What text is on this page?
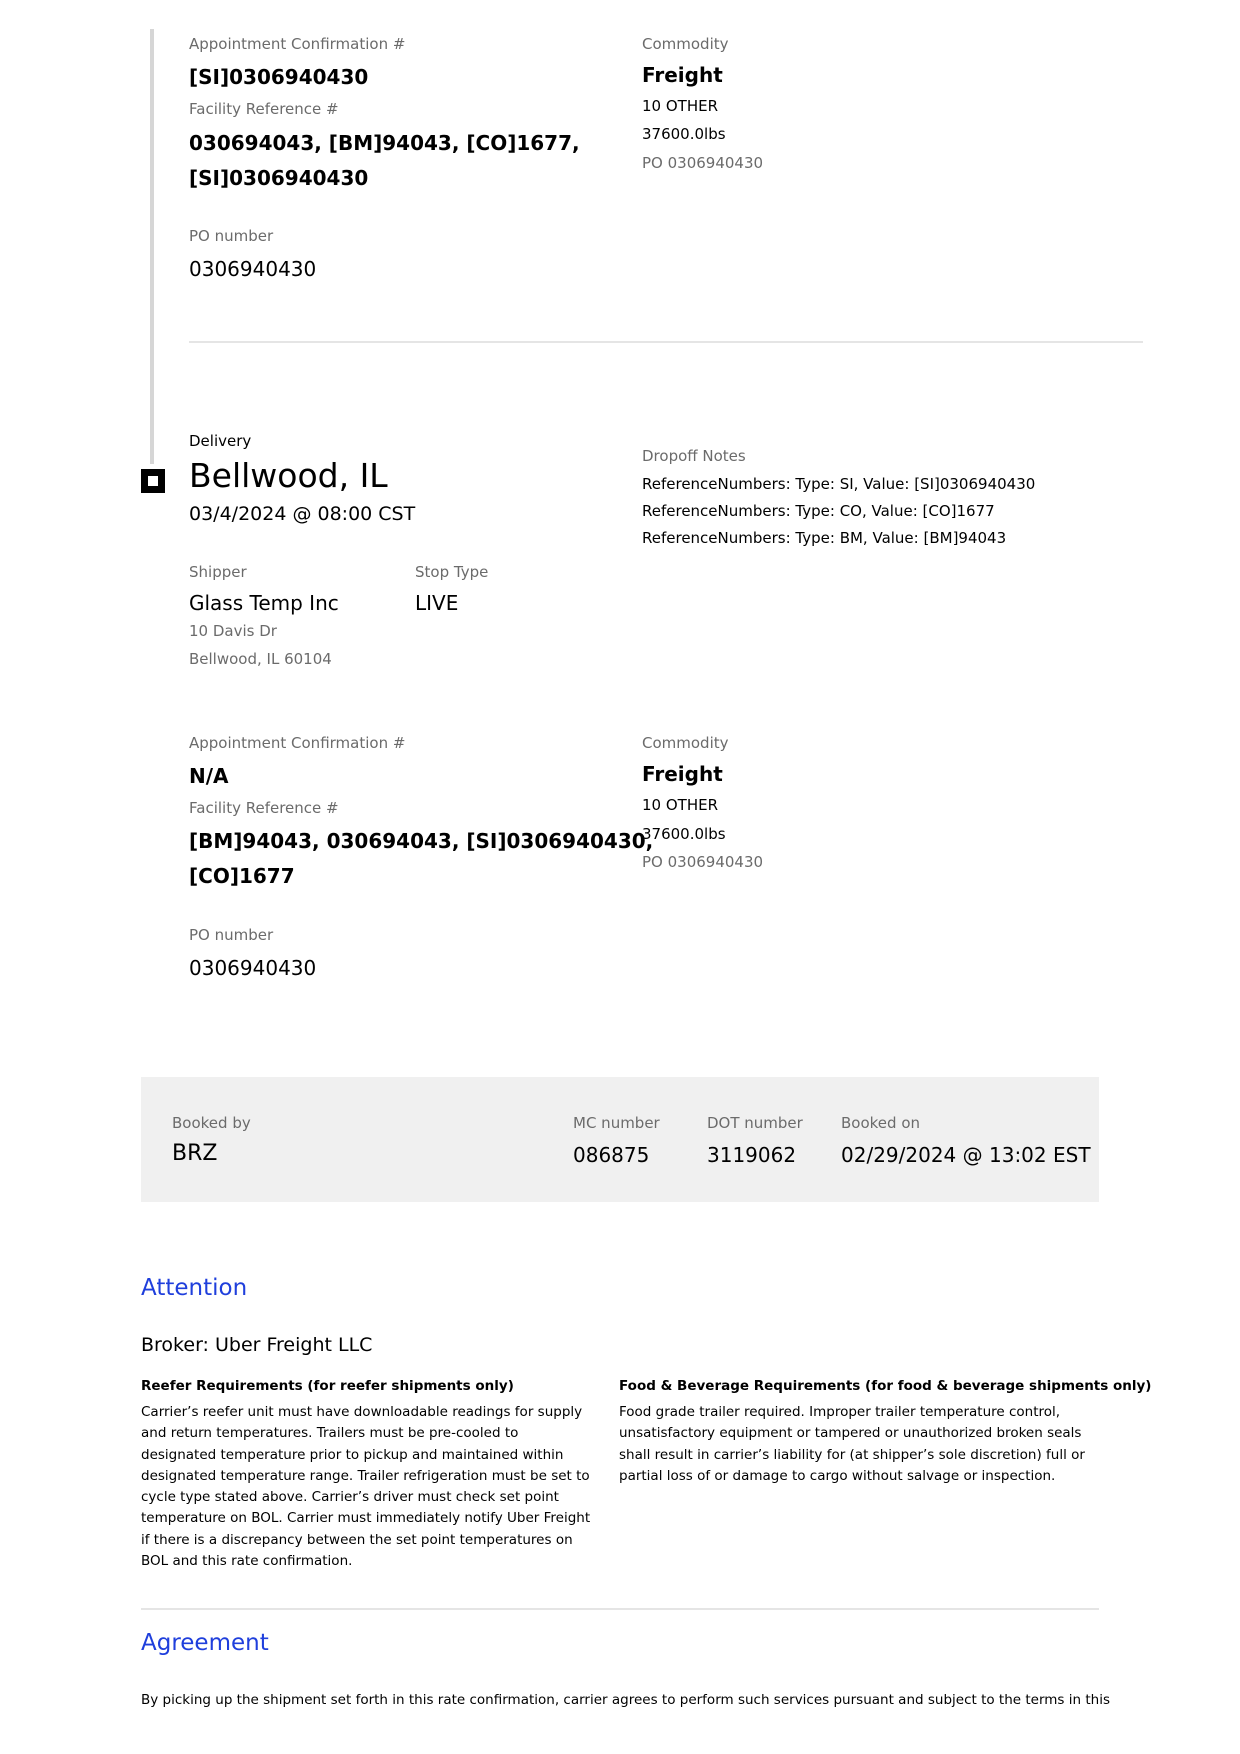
Appointment Confirmation #
[SI]0306940430
Facility Reference #
030694043, [BM]94043, [CO]1677,
[SI]0306940430
PO number
0306940430
Commodity
Freight
10 OTHER
37600.0lbs
PO 0306940430
Delivery
Bellwood, IL
03/4/2024 @ 08:00 CST
Shipper
Glass Temp Inc
10 Davis Dr
Bellwood, IL 60104
Stop Type
LIVE
Dropoff Notes
ReferenceNumbers: Type: SI, Value: [SI]0306940430
ReferenceNumbers: Type: CO, Value: [CO]1677
ReferenceNumbers: Type: BM, Value: [BM]94043
Appointment Confirmation #
N/A
Facility Reference #
[BM]94043, 030694043, [SI]0306940430,
[CO]1677
PO number
0306940430
Commodity
Freight
10 OTHER
37600.0lbs
PO 0306940430
Booked by
BRZ
MC number
086875
DOT number
3119062
Booked on
02/29/2024 @ 13:02 EST
Attention
Broker: Uber Freight LLC
Reefer Requirements (for reefer shipments only)
Carrier’s reefer unit must have downloadable readings for supply and return temperatures. Trailers must be pre-cooled to designated temperature prior to pickup and maintained within designated temperature range. Trailer refrigeration must be set to cycle type stated above. Carrier’s driver must check set point temperature on BOL. Carrier must immediately notify Uber Freight if there is a discrepancy between the set point temperatures on BOL and this rate confirmation.
Food & Beverage Requirements (for food & beverage shipments only)
Food grade trailer required. Improper trailer temperature control, unsatisfactory equipment or tampered or unauthorized broken seals shall result in carrier’s liability for (at shipper’s sole discretion) full or partial loss of or damage to cargo without salvage or inspection.
Agreement
By picking up the shipment set forth in this rate confirmation, carrier agrees to perform such services pursuant and subject to the terms in this
